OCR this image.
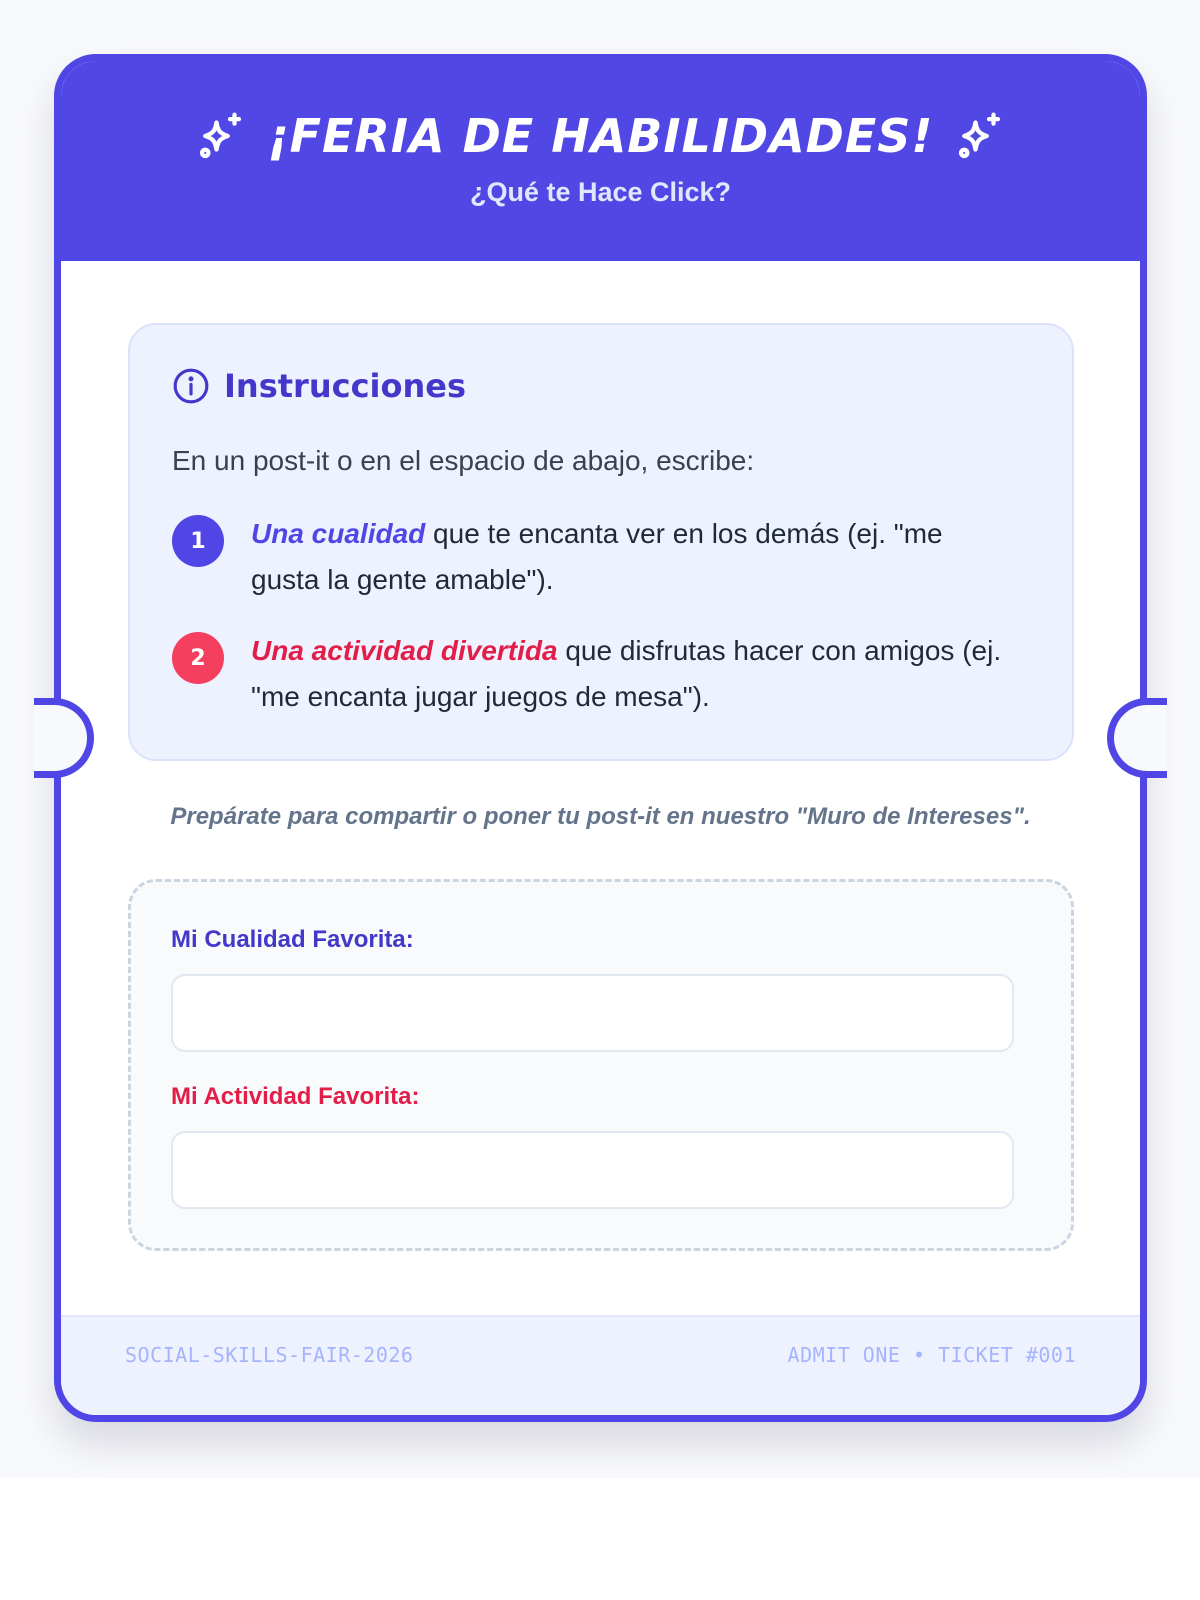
¡FERIA DE HABILIDADES!
¿Qué te Hace Click?
Instrucciones
En un post-it o en el espacio de abajo, escribe:
1	Una cualidad que te encanta ver en los demás (ej. "me gusta la gente amable").
2	Una actividad divertida que disfrutas hacer con amigos (ej. "me encanta jugar juegos de mesa").
Prepárate para compartir o poner tu post-it en nuestro "Muro de Intereses".
Mi Cualidad Favorita:
Mi Actividad Favorita:
SOCIAL-SKILLS-FAIR-2026	ADMIT ONE • TICKET #001
